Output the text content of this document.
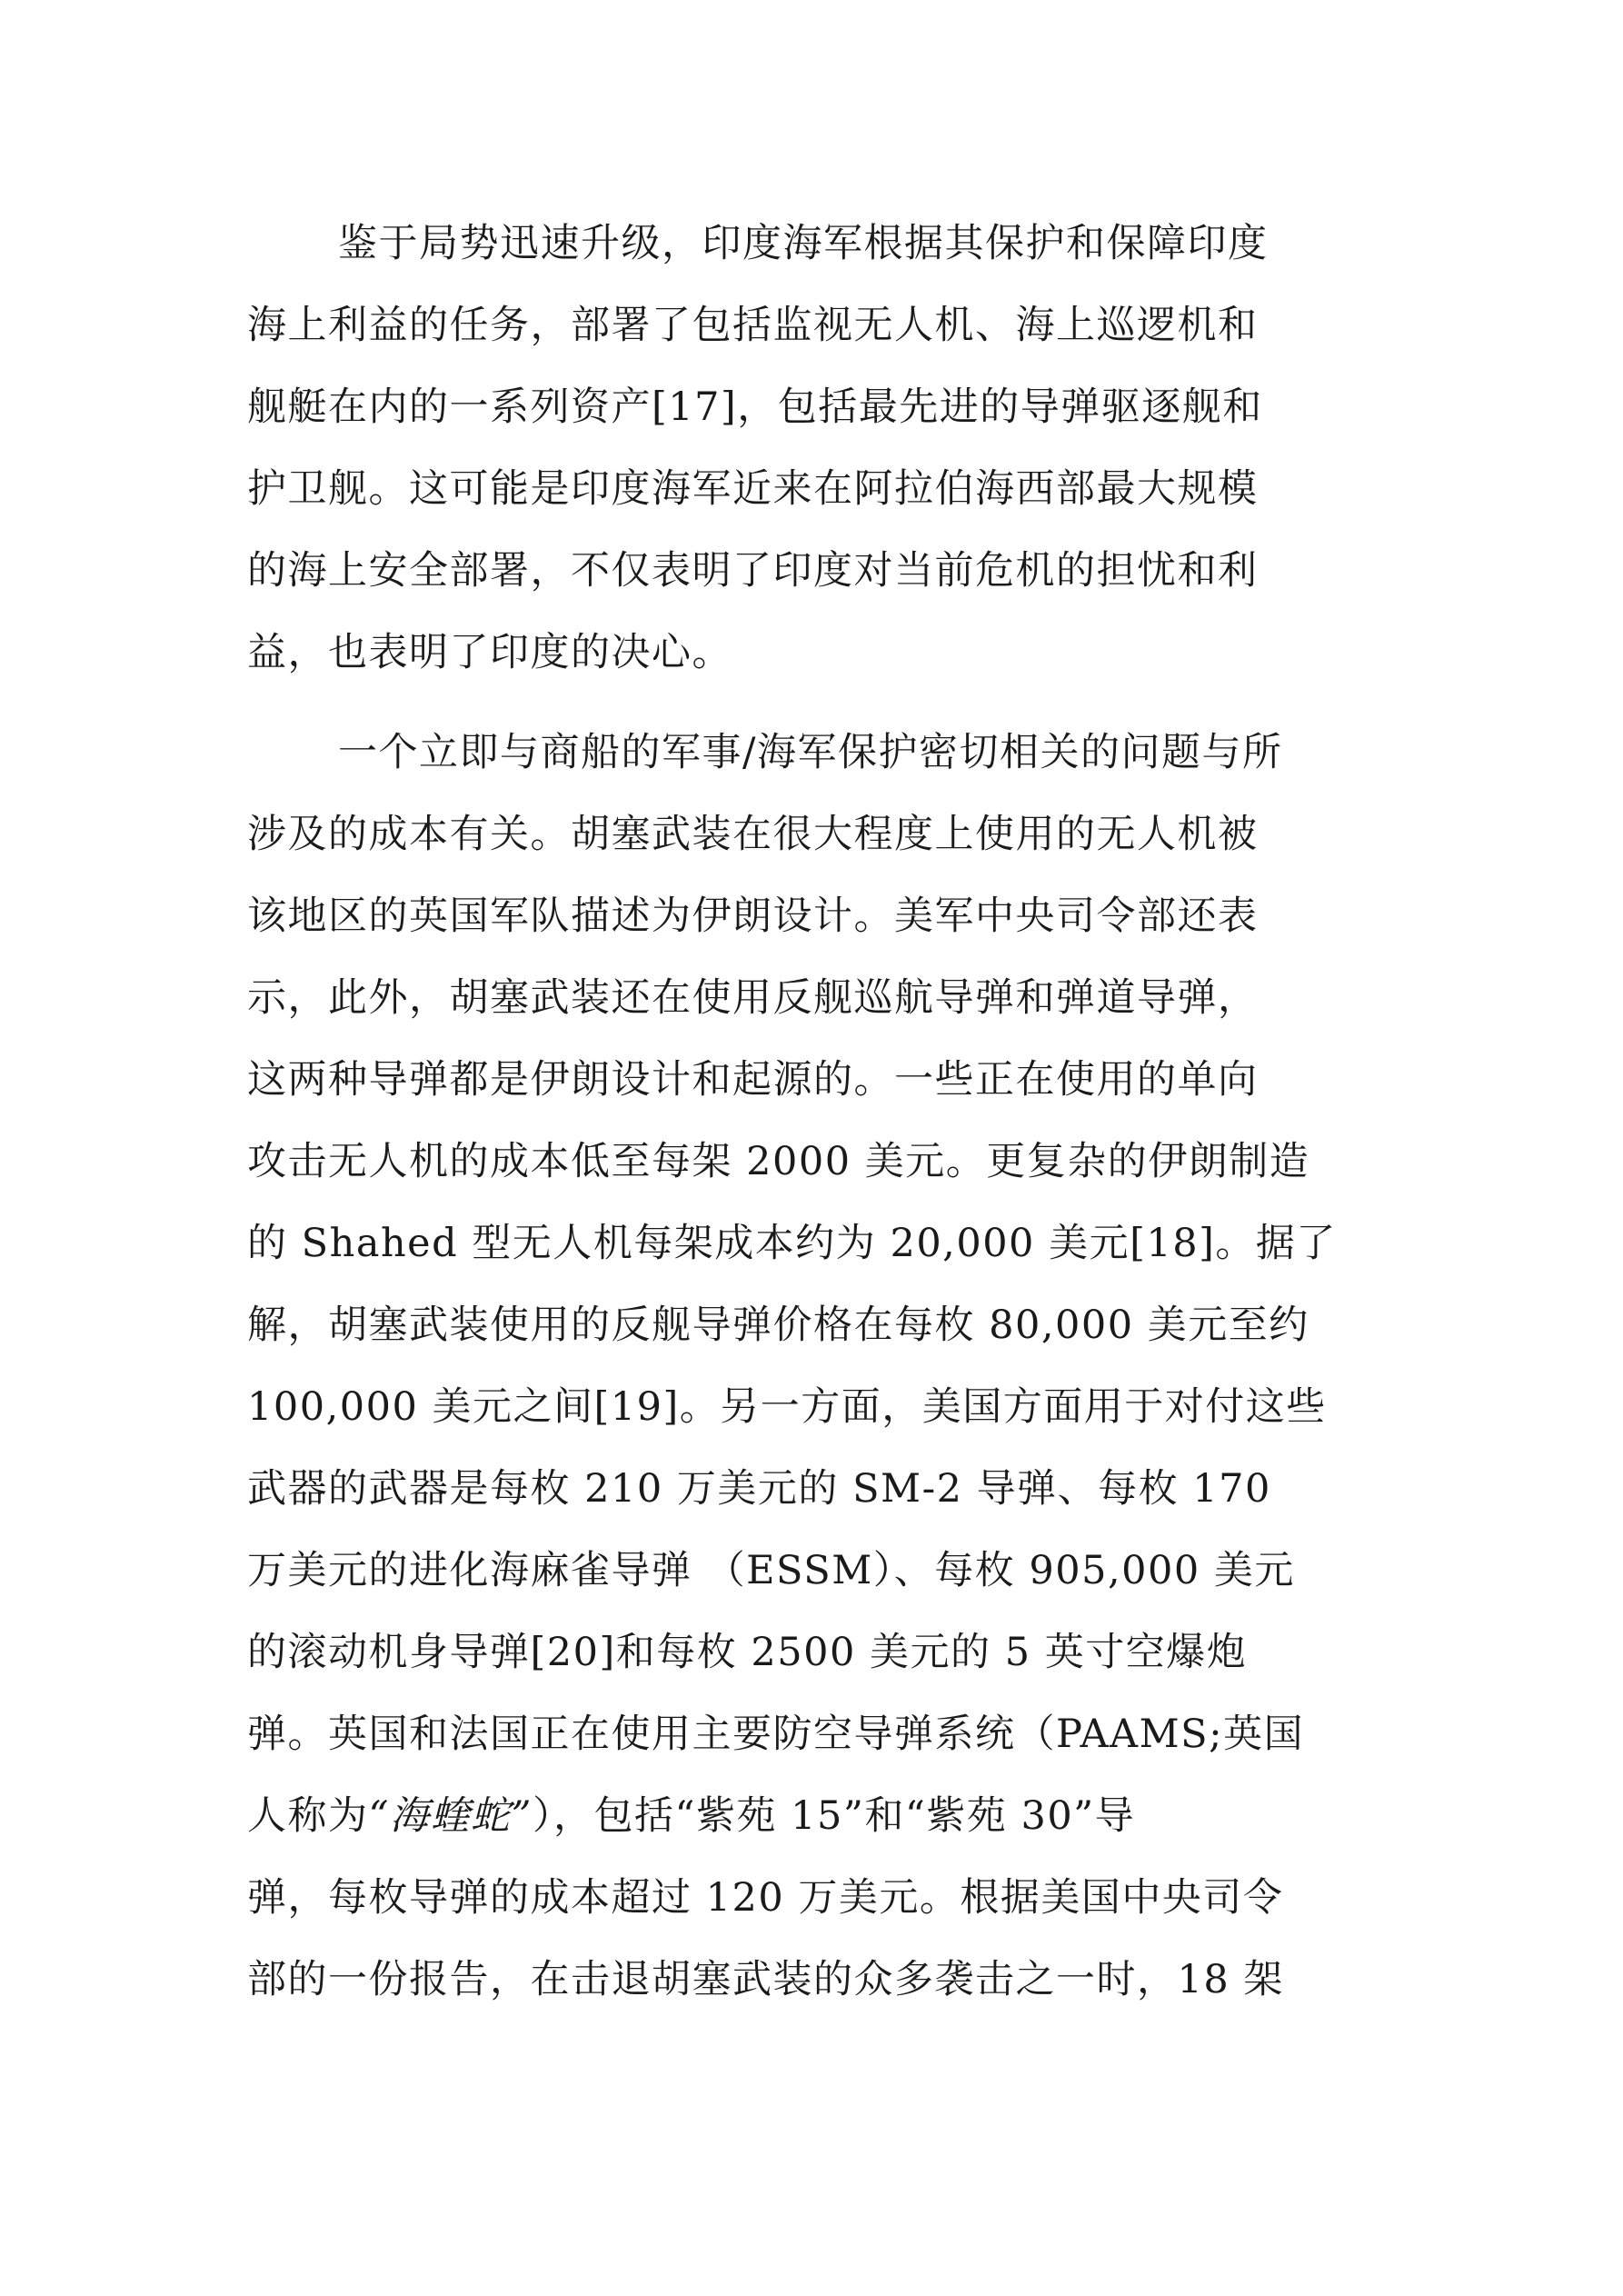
鉴于局势迅速升级，印度海军根据其保护和保障印度
海上利益的任务，部署了包括监视无人机、海上巡逻机和
舰艇在内的一系列资产[17]，包括最先进的导弹驱逐舰和
护卫舰。这可能是印度海军近来在阿拉伯海西部最大规模
的海上安全部署，不仅表明了印度对当前危机的担忧和利
益，也表明了印度的决心。
一个立即与商船的军事/海军保护密切相关的问题与所
涉及的成本有关。胡塞武装在很大程度上使用的无人机被
该地区的英国军队描述为伊朗设计。美军中央司令部还表
示，此外，胡塞武装还在使用反舰巡航导弹和弹道导弹，
这两种导弹都是伊朗设计和起源的。一些正在使用的单向
攻击无人机的成本低至每架 2000 美元。更复杂的伊朗制造
的 Shahed 型无人机每架成本约为 20,000 美元[18]。据了
解，胡塞武装使用的反舰导弹价格在每枚 80,000 美元至约
100,000 美元之间[19]。另一方面，美国方面用于对付这些
武器的武器是每枚 210 万美元的 SM-2 导弹、每枚 170
万美元的进化海麻雀导弹 （ESSM）、每枚 905,000 美元
的滚动机身导弹[20]和每枚 2500 美元的 5 英寸空爆炮
弹。英国和法国正在使用主要防空导弹系统（PAAMS;英国
人称为“海蝰蛇”），包括“紫苑 15”和“紫苑 30”导
弹，每枚导弹的成本超过 120 万美元。根据美国中央司令
部的一份报告，在击退胡塞武装的众多袭击之一时，18 架
